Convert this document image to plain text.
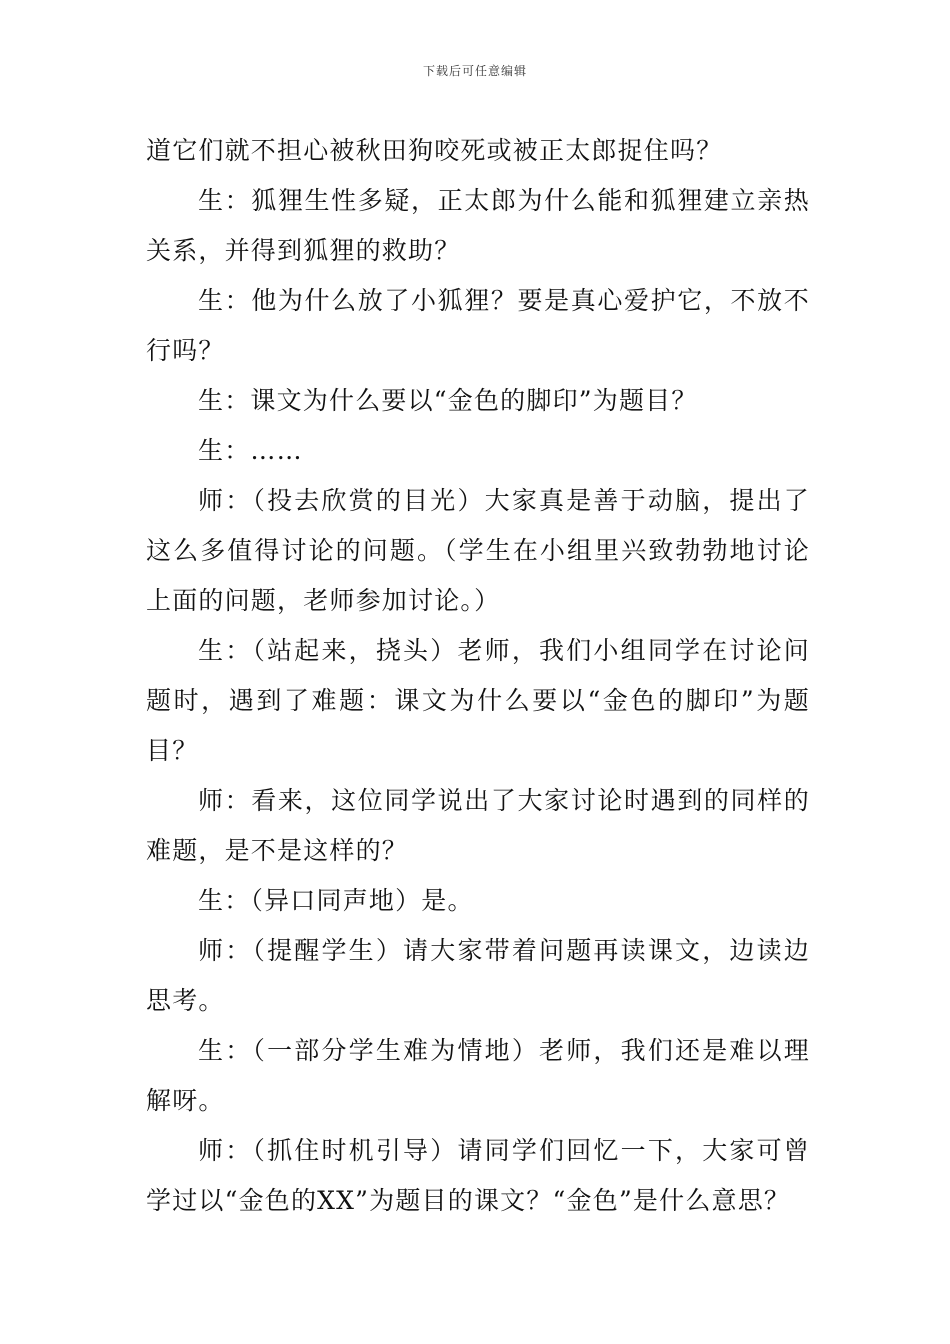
下载后可任意编辑

道它们就不担心被秋田狗咬死或被正太郎捉住吗？

生：狐狸生性多疑，正太郎为什么能和狐狸建立亲热关系，并得到狐狸的救助？

生：他为什么放了小狐狸？要是真心爱护它，不放不行吗？

生：课文为什么要以“金色的脚印”为题目？

生：……

师：（投去欣赏的目光）大家真是善于动脑，提出了这么多值得讨论的问题。（学生在小组里兴致勃勃地讨论上面的问题，老师参加讨论。）

生：（站起来，挠头）老师，我们小组同学在讨论问题时，遇到了难题：课文为什么要以“金色的脚印”为题目？

师：看来，这位同学说出了大家讨论时遇到的同样的难题，是不是这样的？

生：（异口同声地）是。

师：（提醒学生）请大家带着问题再读课文，边读边思考。

生：（一部分学生难为情地）老师，我们还是难以理解呀。

师：（抓住时机引导）请同学们回忆一下，大家可曾学过以“金色的XX”为题目的课文？“金色”是什么意思？
